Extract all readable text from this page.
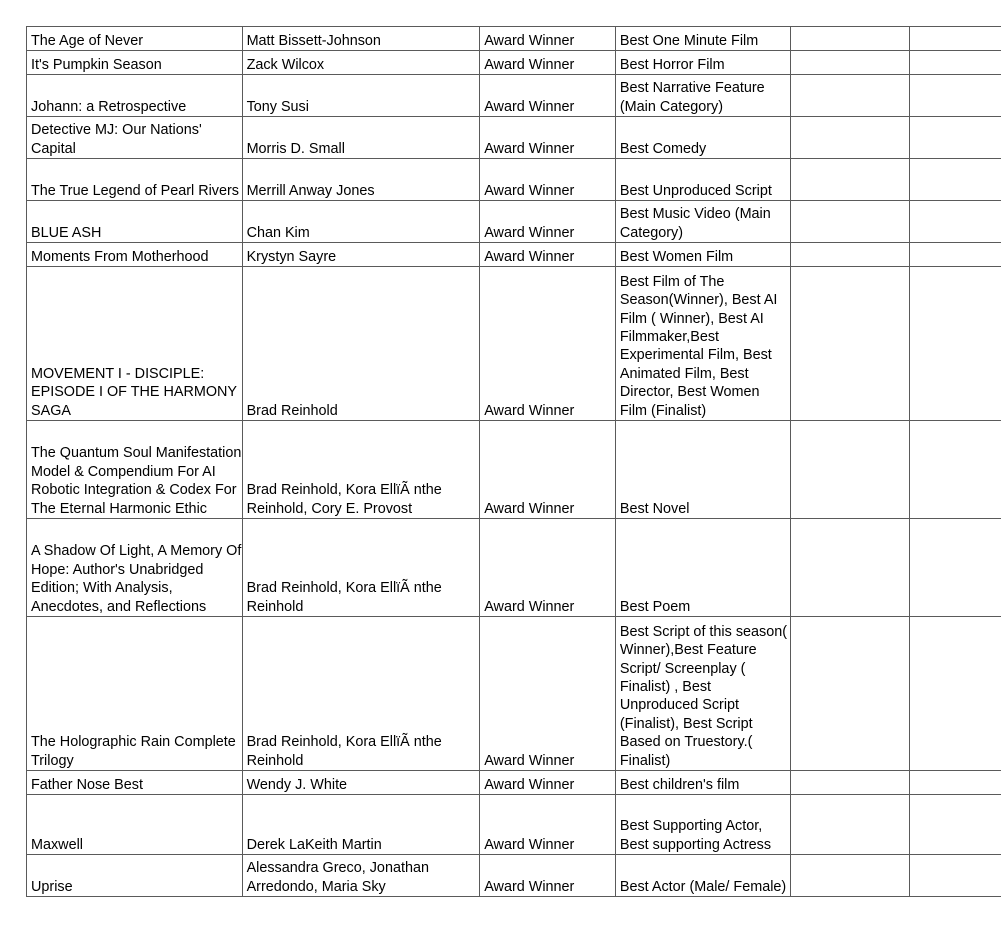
The Age of Never	Matt Bissett-Johnson	Award Winner	Best One Minute Film		
It's Pumpkin Season	Zack Wilcox	Award Winner	Best Horror Film		
Johann: a Retrospective	Tony Susi	Award Winner	Best Narrative Feature (Main Category)		
Detective MJ: Our Nations' Capital	Morris D. Small	Award Winner	Best Comedy		
The True Legend of Pearl Rivers	Merrill Anway Jones	Award Winner	Best Unproduced Script		
BLUE ASH	Chan Kim	Award Winner	Best Music Video (Main Category)		
Moments From Motherhood	Krystyn Sayre	Award Winner	Best Women Film		
MOVEMENT I - DISCIPLE: EPISODE I OF THE HARMONY SAGA	Brad Reinhold	Award Winner	Best Film of The Season(Winner), Best AI Film ( Winner), Best AI Filmmaker,Best Experimental Film, Best Animated Film, Best Director, Best Women Film (Finalist)		
The Quantum Soul Manifestation Model & Compendium For AI Robotic Integration & Codex For The Eternal Harmonic Ethic	Brad Reinhold, Kora EllïÃ nthe Reinhold, Cory E. Provost	Award Winner	Best Novel		
A Shadow Of Light, A Memory Of Hope: Author's Unabridged Edition; With Analysis, Anecdotes, and Reflections	Brad Reinhold, Kora EllïÃ nthe Reinhold	Award Winner	Best Poem		
The Holographic Rain Complete Trilogy	Brad Reinhold, Kora EllïÃ nthe Reinhold	Award Winner	Best Script of this season( Winner),Best Feature Script/ Screenplay ( Finalist) , Best Unproduced Script (Finalist), Best Script Based on Truestory.( Finalist)		
Father Nose Best	Wendy J. White	Award Winner	Best children's film		
Maxwell	Derek LaKeith Martin	Award Winner	Best Supporting Actor, Best supporting Actress		
Uprise	Alessandra Greco, Jonathan Arredondo, Maria Sky	Award Winner	Best Actor (Male/ Female)		
